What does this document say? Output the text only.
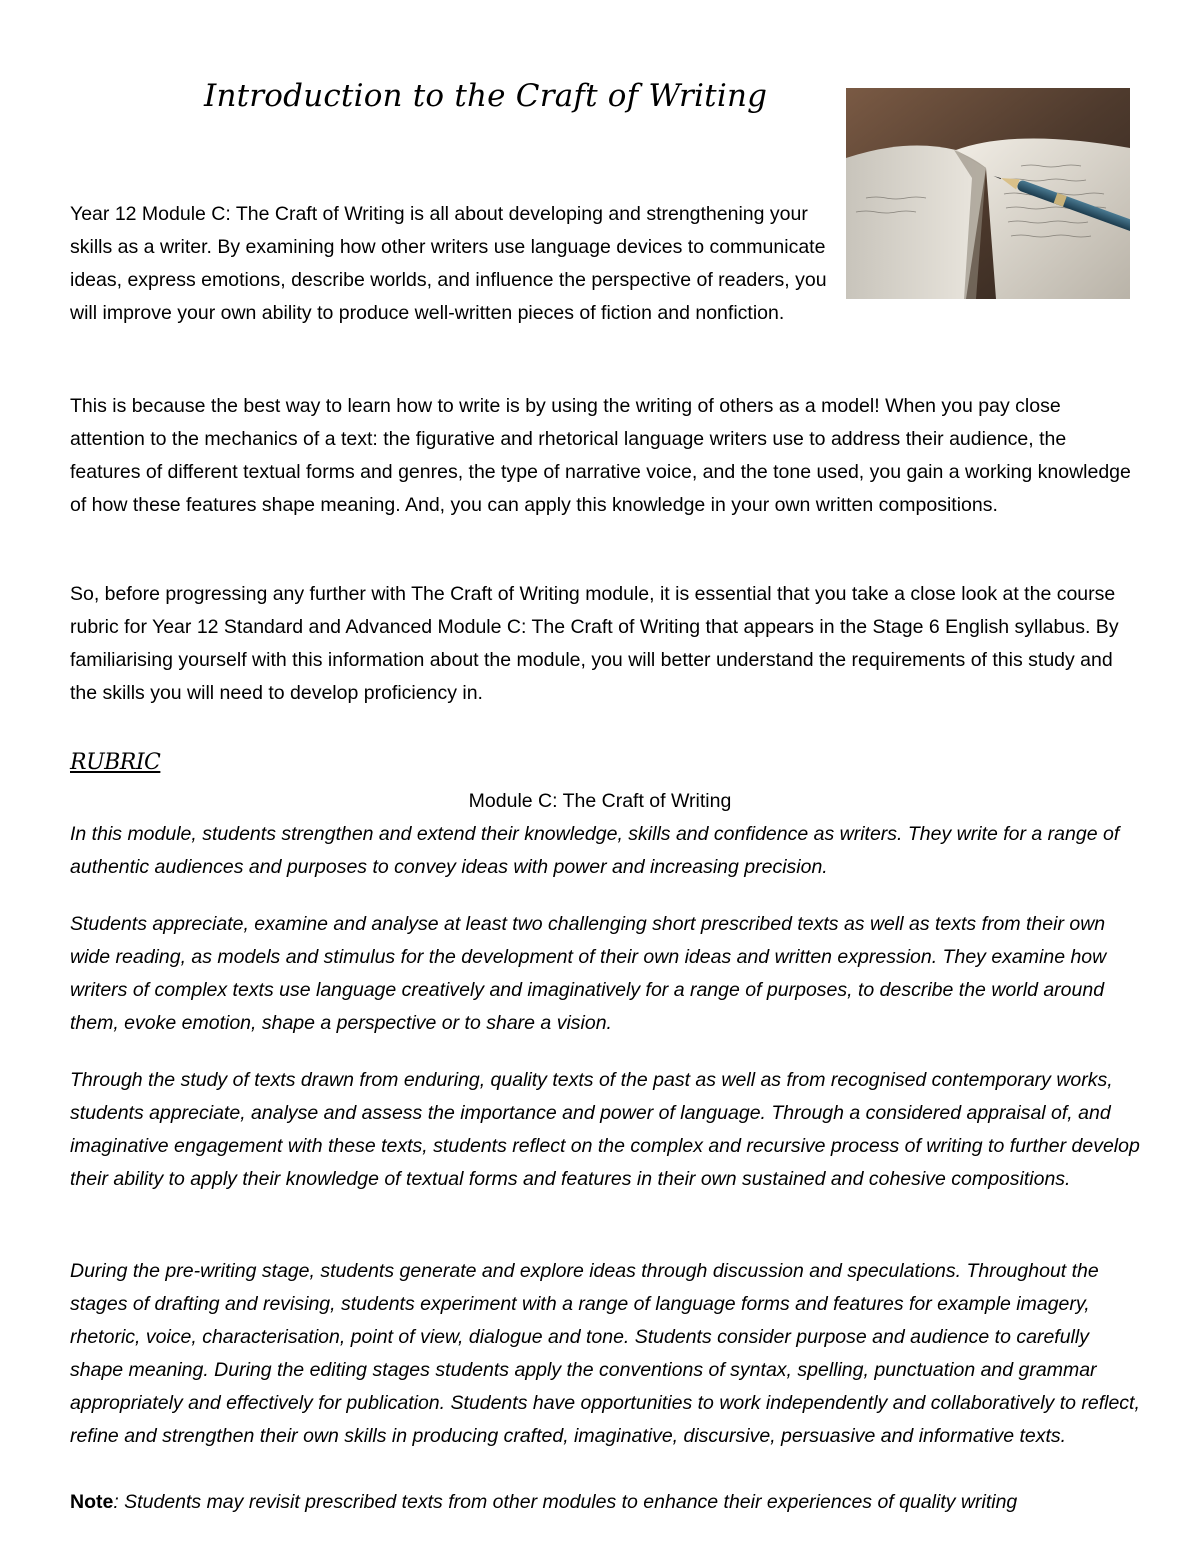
Introduction to the Craft of Writing

Year 12 Module C: The Craft of Writing is all about developing and strengthening your skills as a writer. By examining how other writers use language devices to communicate ideas, express emotions, describe worlds, and influence the perspective of readers, you will improve your own ability to produce well-written pieces of fiction and nonfiction.

This is because the best way to learn how to write is by using the writing of others as a model! When you pay close attention to the mechanics of a text: the figurative and rhetorical language writers use to address their audience, the features of different textual forms and genres, the type of narrative voice, and the tone used, you gain a working knowledge of how these features shape meaning. And, you can apply this knowledge in your own written compositions.

So, before progressing any further with The Craft of Writing module, it is essential that you take a close look at the course rubric for Year 12 Standard and Advanced Module C: The Craft of Writing that appears in the Stage 6 English syllabus. By familiarising yourself with this information about the module, you will better understand the requirements of this study and the skills you will need to develop proficiency in.

RUBRIC
Module C: The Craft of Writing

In this module, students strengthen and extend their knowledge, skills and confidence as writers. They write for a range of authentic audiences and purposes to convey ideas with power and increasing precision.

Students appreciate, examine and analyse at least two challenging short prescribed texts as well as texts from their own wide reading, as models and stimulus for the development of their own ideas and written expression. They examine how writers of complex texts use language creatively and imaginatively for a range of purposes, to describe the world around them, evoke emotion, shape a perspective or to share a vision.

Through the study of texts drawn from enduring, quality texts of the past as well as from recognised contemporary works, students appreciate, analyse and assess the importance and power of language. Through a considered appraisal of, and imaginative engagement with these texts, students reflect on the complex and recursive process of writing to further develop their ability to apply their knowledge of textual forms and features in their own sustained and cohesive compositions.

During the pre-writing stage, students generate and explore ideas through discussion and speculations. Throughout the stages of drafting and revising, students experiment with a range of language forms and features for example imagery, rhetoric, voice, characterisation, point of view, dialogue and tone. Students consider purpose and audience to carefully shape meaning. During the editing stages students apply the conventions of syntax, spelling, punctuation and grammar appropriately and effectively for publication. Students have opportunities to work independently and collaboratively to reflect, refine and strengthen their own skills in producing crafted, imaginative, discursive, persuasive and informative texts.

Note: Students may revisit prescribed texts from other modules to enhance their experiences of quality writing
